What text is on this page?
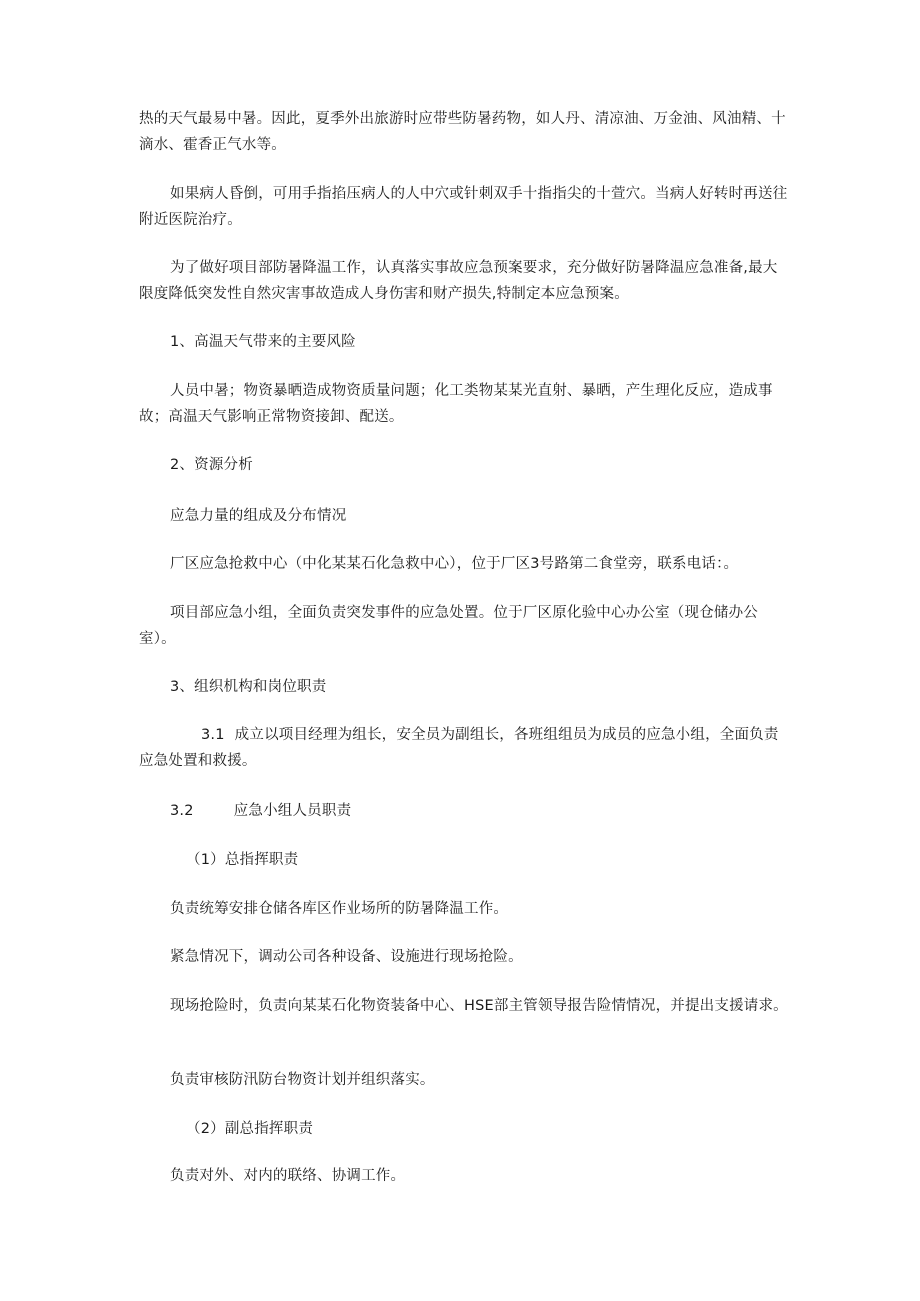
热的天气最易中暑。因此，夏季外出旅游时应带些防暑药物，如人丹、清凉油、万金油、风油精、十滴水、霍香正气水等。
如果病人昏倒，可用手指掐压病人的人中穴或针刺双手十指指尖的十萱穴。当病人好转时再送往附近医院治疗。
为了做好项目部防暑降温工作，认真落实事故应急预案要求，充分做好防暑降温应急准备,最大限度降低突发性自然灾害事故造成人身伤害和财产损失,特制定本应急预案。
1、高温天气带来的主要风险
人员中暑；物资暴晒造成物资质量问题；化工类物某某光直射、暴晒，产生理化反应，造成事故；高温天气影响正常物资接卸、配送。
2、资源分析
应急力量的组成及分布情况
厂区应急抢救中心（中化某某石化急救中心），位于厂区3号路第二食堂旁，联系电话：。
项目部应急小组，全面负责突发事件的应急处置。位于厂区原化验中心办公室（现仓储办公室）。
3、组织机构和岗位职责
3.1 成立以项目经理为组长，安全员为副组长，各班组组员为成员的应急小组，全面负责应急处置和救援。
3.2	应急小组人员职责
（1）总指挥职责
负责统筹安排仓储各库区作业场所的防暑降温工作。
紧急情况下，调动公司各种设备、设施进行现场抢险。
现场抢险时，负责向某某石化物资装备中心、HSE部主管领导报告险情情况，并提出支援请求。
负责审核防汛防台物资计划并组织落实。
（2）副总指挥职责
负责对外、对内的联络、协调工作。
